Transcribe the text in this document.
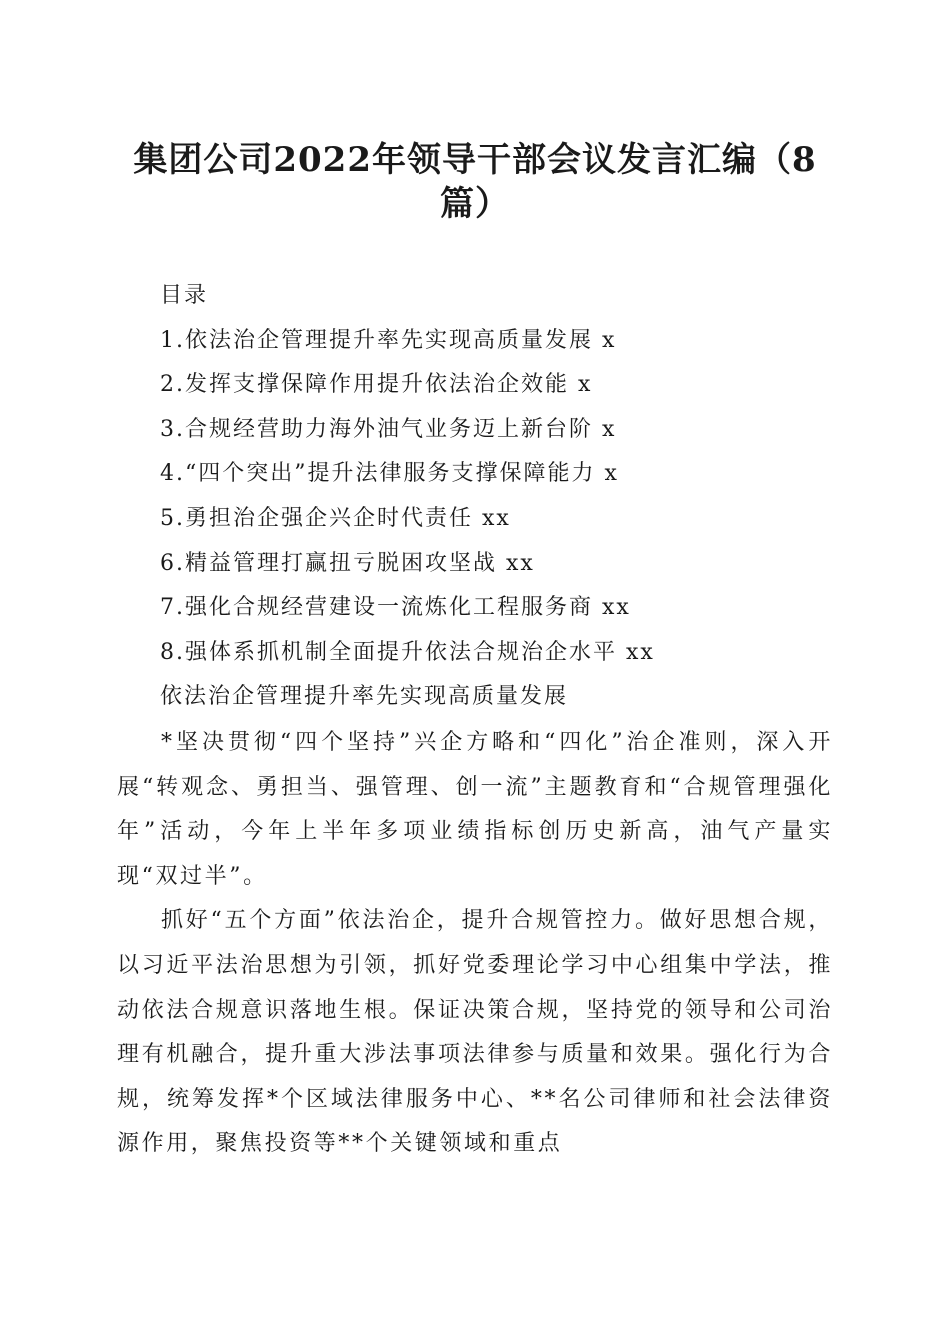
集团公司2022年领导干部会议发言汇编（8篇）
目录
1.依法治企管理提升率先实现高质量发展 x
2.发挥支撑保障作用提升依法治企效能 x
3.合规经营助力海外油气业务迈上新台阶 x
4.“四个突出”提升法律服务支撑保障能力 x
5.勇担治企强企兴企时代责任 xx
6.精益管理打赢扭亏脱困攻坚战 xx
7.强化合规经营建设一流炼化工程服务商 xx
8.强体系抓机制全面提升依法合规治企水平 xx
依法治企管理提升率先实现高质量发展

*坚决贯彻“四个坚持”兴企方略和“四化”治企准则，深入开展“转观念、勇担当、强管理、创一流”主题教育和“合规管理强化年”活动，今年上半年多项业绩指标创历史新高，油气产量实现“双过半”。

抓好“五个方面”依法治企，提升合规管控力。做好思想合规，以习近平法治思想为引领，抓好党委理论学习中心组集中学法，推动依法合规意识落地生根。保证决策合规，坚持党的领导和公司治理有机融合，提升重大涉法事项法律参与质量和效果。强化行为合规，统筹发挥*个区域法律服务中心、**名公司律师和社会法律资源作用，聚焦投资等**个关键领域和重点
